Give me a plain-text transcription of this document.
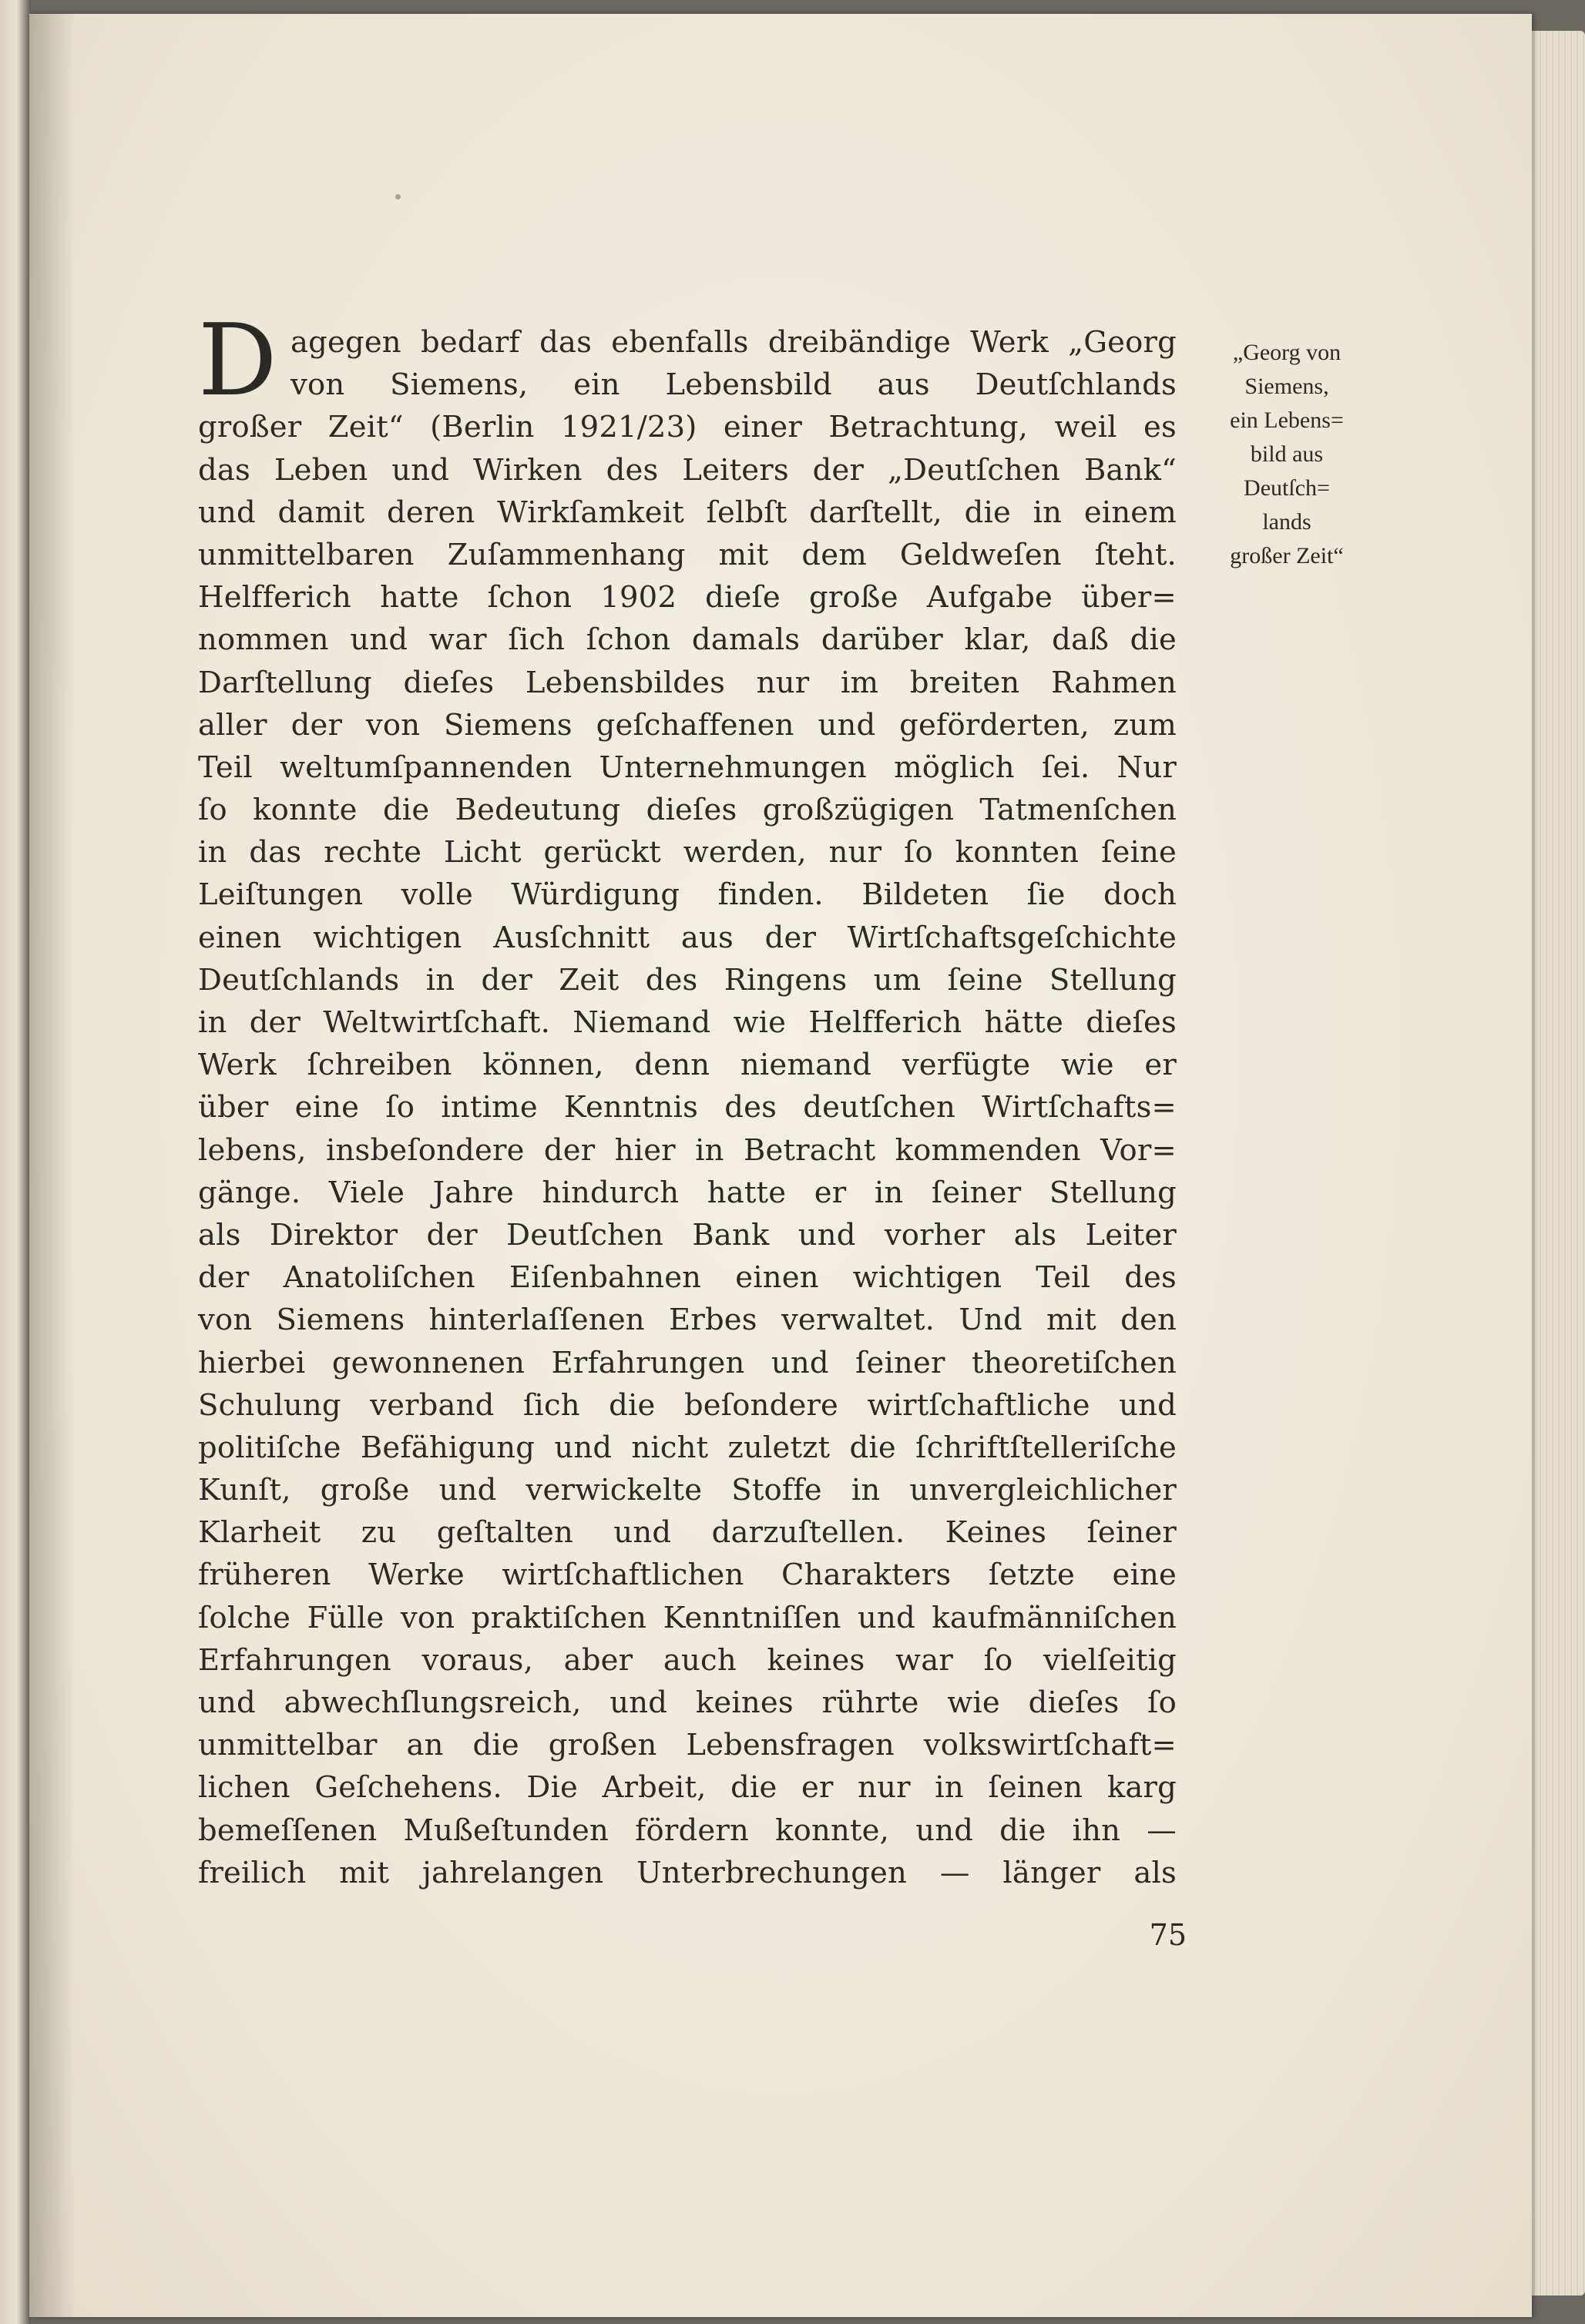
D agegen bedarf das ebenfalls dreibändige Werk „Georg
von Siemens, ein Lebensbild aus Deutſchlands
großer Zeit“ (Berlin 1921/23) einer Betrachtung, weil es
das Leben und Wirken des Leiters der „Deutſchen Bank“
und damit deren Wirkſamkeit ſelbſt darſtellt, die in einem
unmittelbaren Zuſammenhang mit dem Geldweſen ſteht.
Helfferich hatte ſchon 1902 dieſe große Aufgabe über=
nommen und war ſich ſchon damals darüber klar, daß die
Darſtellung dieſes Lebensbildes nur im breiten Rahmen
aller der von Siemens geſchaffenen und geförderten, zum
Teil weltumſpannenden Unternehmungen möglich ſei. Nur
ſo konnte die Bedeutung dieſes großzügigen Tatmenſchen
in das rechte Licht gerückt werden, nur ſo konnten ſeine
Leiſtungen volle Würdigung finden. Bildeten ſie doch
einen wichtigen Ausſchnitt aus der Wirtſchaftsgeſchichte
Deutſchlands in der Zeit des Ringens um ſeine Stellung
in der Weltwirtſchaft. Niemand wie Helfferich hätte dieſes
Werk ſchreiben können, denn niemand verfügte wie er
über eine ſo intime Kenntnis des deutſchen Wirtſchafts=
lebens, insbeſondere der hier in Betracht kommenden Vor=
gänge. Viele Jahre hindurch hatte er in ſeiner Stellung
als Direktor der Deutſchen Bank und vorher als Leiter
der Anatoliſchen Eiſenbahnen einen wichtigen Teil des
von Siemens hinterlaſſenen Erbes verwaltet. Und mit den
hierbei gewonnenen Erfahrungen und ſeiner theoretiſchen
Schulung verband ſich die beſondere wirtſchaftliche und
politiſche Befähigung und nicht zuletzt die ſchriftſtelleriſche
Kunſt, große und verwickelte Stoffe in unvergleichlicher
Klarheit zu geſtalten und darzuſtellen. Keines ſeiner
früheren Werke wirtſchaftlichen Charakters ſetzte eine
ſolche Fülle von praktiſchen Kenntniſſen und kaufmänniſchen
Erfahrungen voraus, aber auch keines war ſo vielſeitig
und abwechſlungsreich, und keines rührte wie dieſes ſo
unmittelbar an die großen Lebensfragen volkswirtſchaft=
lichen Geſchehens. Die Arbeit, die er nur in ſeinen karg
bemeſſenen Mußeſtunden fördern konnte, und die ihn —
freilich mit jahrelangen Unterbrechungen — länger als
„Georg von
Siemens,
ein Lebens=
bild aus
Deutſch=
lands
großer Zeit“
75
